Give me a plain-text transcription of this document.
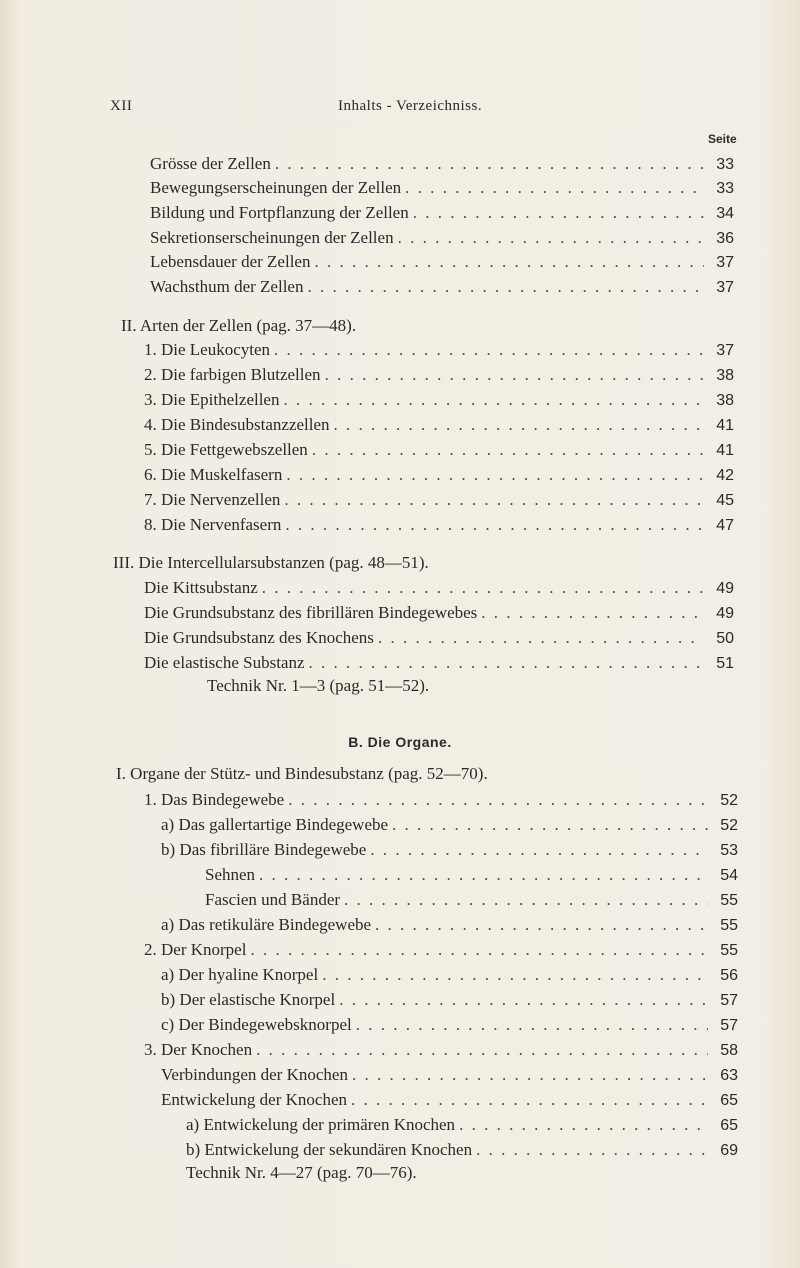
XII	Inhalts - Verzeichniss.
Seite
Grösse der Zellen . . .	33
Bewegungserscheinungen der Zellen . . .	33
Bildung und Fortpflanzung der Zellen . . .	34
Sekretionserscheinungen der Zellen . . .	36
Lebensdauer der Zellen . . .	37
Wachsthum der Zellen . . .	37
II. Arten der Zellen (pag. 37—48).
1. Die Leukocyten . . .	37
2. Die farbigen Blutzellen . . .	38
3. Die Epithelzellen . . .	38
4. Die Bindesubstanzzellen . . .	41
5. Die Fettgewebszellen . . .	41
6. Die Muskelfasern . . .	42
7. Die Nervenzellen . . .	45
8. Die Nervenfasern . . .	47
III. Die Intercellularsubstanzen (pag. 48—51).
Die Kittsubstanz . . .	49
Die Grundsubstanz des fibrillären Bindegewebes . . .	49
Die Grundsubstanz des Knochens . . .	50
Die elastische Substanz . . .	51
Technik Nr. 1—3 (pag. 51—52).
B. Die Organe.
I. Organe der Stütz- und Bindesubstanz (pag. 52—70).
1. Das Bindegewebe . . .	52
a) Das gallertartige Bindegewebe . . .	52
b) Das fibrilläre Bindegewebe . . .	53
Sehnen . . .	54
Fascien und Bänder . . .	55
a) Das retikuläre Bindegewebe . . .	55
2. Der Knorpel . . .	55
a) Der hyaline Knorpel . . .	56
b) Der elastische Knorpel . . .	57
c) Der Bindegewebsknorpel . . .	57
3. Der Knochen . . .	58
Verbindungen der Knochen . . .	63
Entwickelung der Knochen . . .	65
a) Entwickelung der primären Knochen . . .	65
b) Entwickelung der sekundären Knochen . . .	69
Technik Nr. 4—27 (pag. 70—76).
